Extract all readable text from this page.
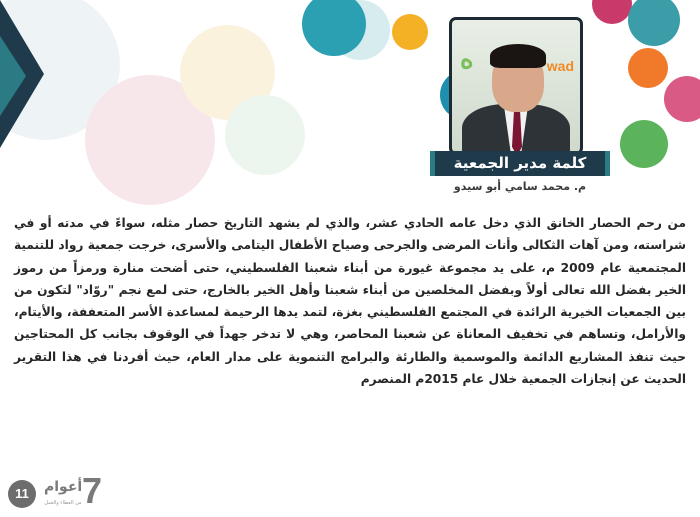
ه	wad
كلمة مدير الجمعية
م. محمد سامي أبو سيدو
من رحم الحصار الخانق الذي دخل عامه الحادي عشر، والذي لم يشهد التاريخ حصار مثله، سواءً في مدته أو في شراسته، ومن آهات الثكالى وأنات المرضى والجرحى وصياح الأطفال اليتامى والأسرى، خرجت جمعية رواد للتنمية المجتمعية عام 2009 م، على يد مجموعة غيورة من أبناء شعبنا الفلسطيني، حتى أضحت منارة ورمزاً من رموز الخير بفضل الله تعالى أولاً وبفضل المخلصين من أبناء شعبنا وأهل الخير بالخارج، حتى لمع نجم "روّاد" لتكون من بين الجمعيات الخيرية الرائدة في المجتمع الفلسطيني بغزة، لتمد يدها الرحيمة لمساعدة الأسر المتعففة، والأيتام، والأرامل، وتساهم في تخفيف المعاناة عن شعبنا المحاصر، وهي لا تدخر جهداً في الوقوف بجانب كل المحتاجين حيث تنفذ المشاريع الدائمة والموسمية والطارئة والبرامج التنموية على مدار العام، حيث أفردنا في هذا التقرير الحديث عن إنجازات الجمعية خلال عام 2015م المنصرم
11 7
أعوام
من العطاء والعمل
